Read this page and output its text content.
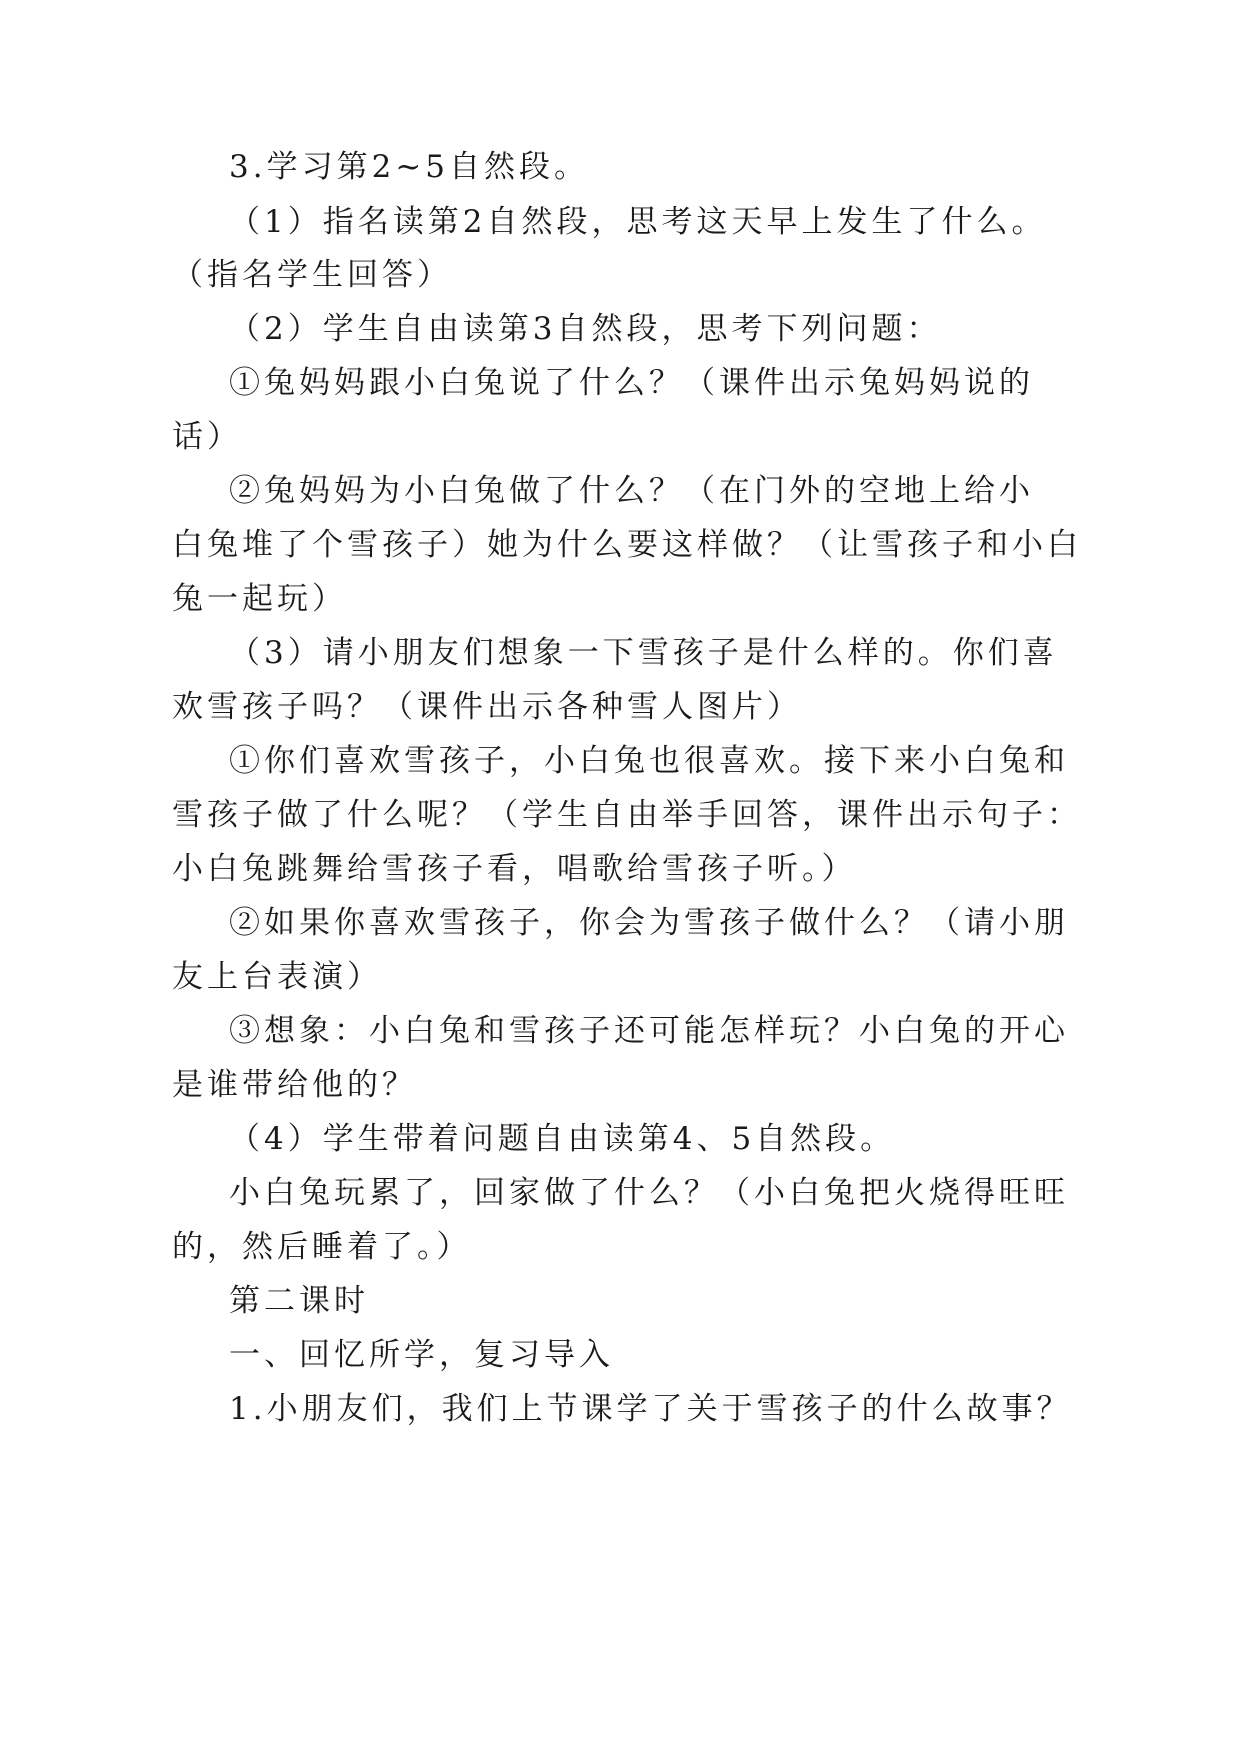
3.学习第2~5自然段。
（1）指名读第2自然段，思考这天早上发生了什么。
（指名学生回答）
（2）学生自由读第3自然段，思考下列问题：
①兔妈妈跟小白兔说了什么？（课件出示兔妈妈说的
话）
②兔妈妈为小白兔做了什么？（在门外的空地上给小
白兔堆了个雪孩子）她为什么要这样做？（让雪孩子和小白
兔一起玩）
（3）请小朋友们想象一下雪孩子是什么样的。你们喜
欢雪孩子吗？（课件出示各种雪人图片）
①你们喜欢雪孩子，小白兔也很喜欢。接下来小白兔和
雪孩子做了什么呢？（学生自由举手回答，课件出示句子：
小白兔跳舞给雪孩子看，唱歌给雪孩子听。）
②如果你喜欢雪孩子，你会为雪孩子做什么？（请小朋
友上台表演）
③想象：小白兔和雪孩子还可能怎样玩？小白兔的开心
是谁带给他的？
（4）学生带着问题自由读第4、5自然段。
小白兔玩累了，回家做了什么？（小白兔把火烧得旺旺
的，然后睡着了。）
第二课时
一、回忆所学，复习导入
1.小朋友们，我们上节课学了关于雪孩子的什么故事？
